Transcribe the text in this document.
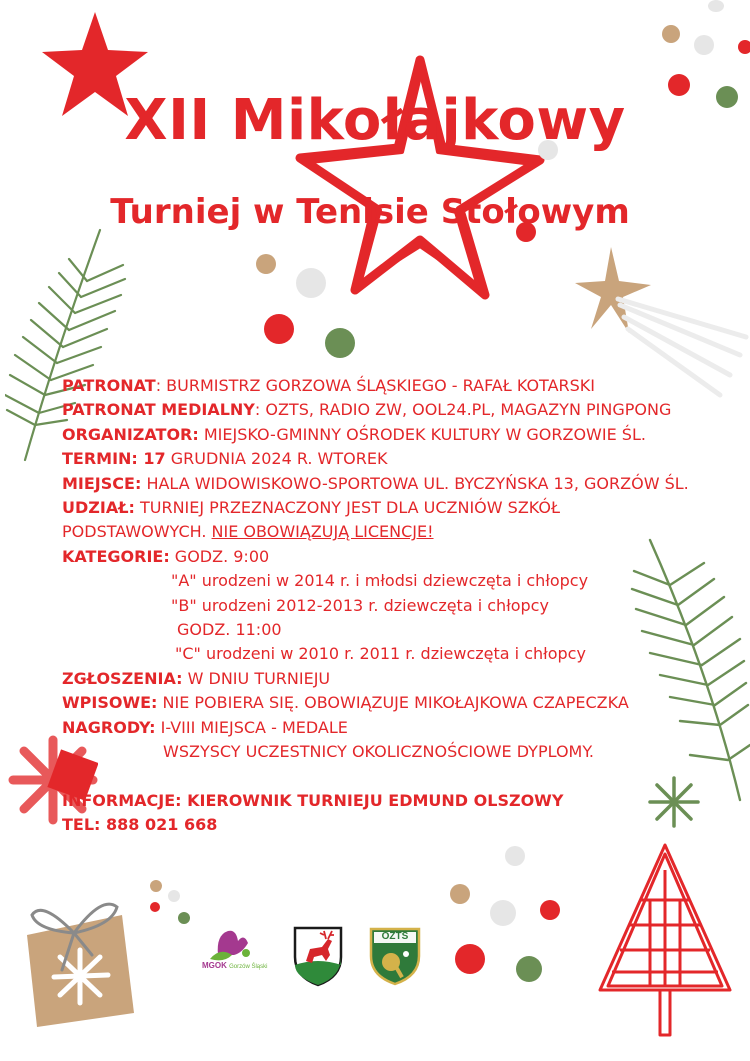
XII Mikołajkowy
Turniej w Tenisie Stołowym
PATRONAT: BURMISTRZ GORZOWA ŚLĄSKIEGO - RAFAŁ KOTARSKI
PATRONAT MEDIALNY: OZTS, RADIO ZW, OOL24.PL, MAGAZYN PINGPONG
ORGANIZATOR: MIEJSKO-GMINNY OŚRODEK KULTURY W GORZOWIE ŚL.
TERMIN: 17 GRUDNIA 2024 R. WTOREK
MIEJSCE: HALA WIDOWISKOWO-SPORTOWA UL. BYCZYŃSKA 13, GORZÓW ŚL.
UDZIAŁ: TURNIEJ PRZEZNACZONY JEST DLA UCZNIÓW SZKÓŁ
PODSTAWOWYCH. NIE OBOWIĄZUJĄ LICENCJE!
KATEGORIE: GODZ. 9:00
"A" urodzeni w 2014 r. i młodsi dziewczęta i chłopcy
"B" urodzeni 2012-2013 r. dziewczęta i chłopcy
GODZ. 11:00
"C" urodzeni w 2010 r. 2011 r. dziewczęta i chłopcy
ZGŁOSZENIA: W DNIU TURNIEJU
WPISOWE: NIE POBIERA SIĘ. OBOWIĄZUJE MIKOŁAJKOWA CZAPECZKA
NAGRODY: I-VIII MIEJSCA - MEDALE
WSZYSCY UCZESTNICY OKOLICZNOŚCIOWE DYPLOMY.
INFORMACJE: KIEROWNIK TURNIEJU EDMUND OLSZOWY
TEL: 888 021 668
MGOK Gorzów Śląski
OZTS
